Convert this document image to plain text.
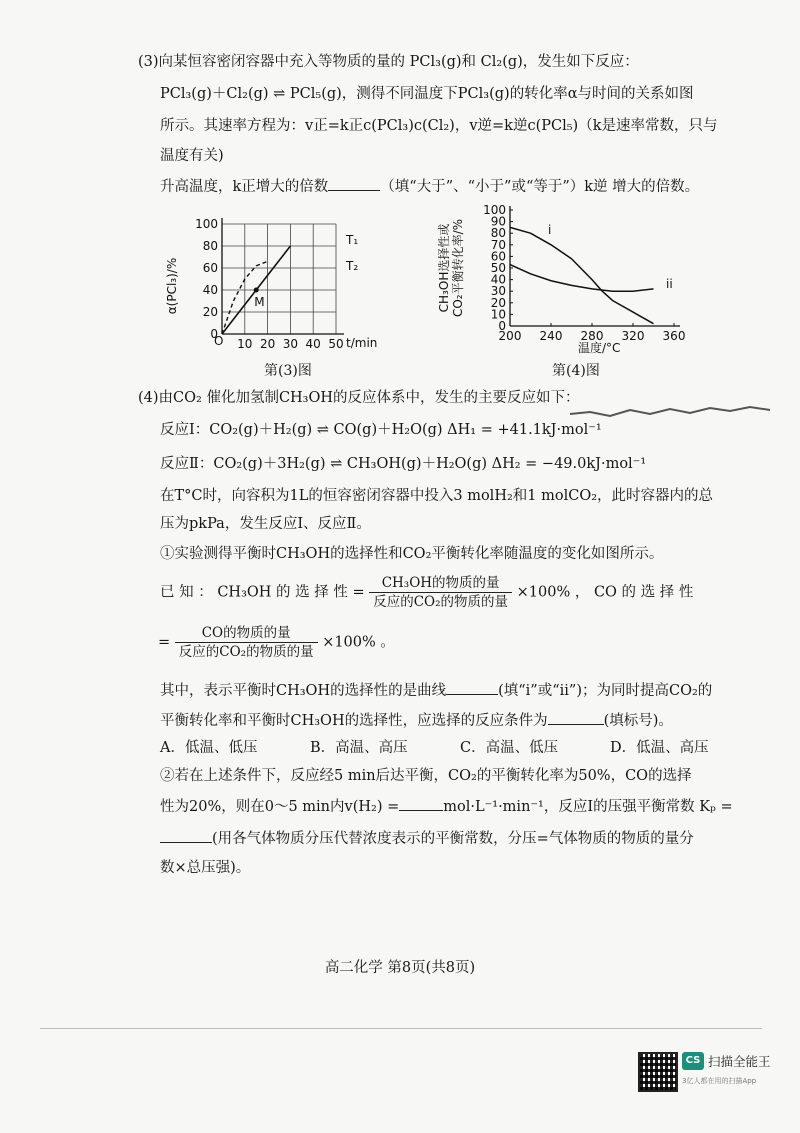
(3)向某恒容密闭容器中充入等物质的量的 PCl₃(g)和 Cl₂(g)，发生如下反应：
PCl₃(g)＋Cl₂(g) ⇌ PCl₅(g)，测得不同温度下PCl₃(g)的转化率α与时间的关系如图
所示。其速率方程为：v正=k正c(PCl₃)c(Cl₂)，v逆=k逆c(PCl₅)（k是速率常数，只与
温度有关)
升高温度，k正增大的倍数	（填“大于”、“小于”或“等于”）k逆 增大的倍数。
10 20 30 40 50
0
20
40
60
80
100
α(PCl₃)/%
t/min
O
M
T₁
T₂
第(3)图
200 240 280 320 360
0
10
20
30
40
50
60
70
80
90
100
CH₃OH选择性或 CO₂平衡转化率/%
温度/°C
i
ii
第(4)图
(4)由CO₂ 催化加氢制CH₃OH的反应体系中，发生的主要反应如下：
反应Ⅰ：CO₂(g)＋H₂(g) ⇌ CO(g)＋H₂O(g) ΔH₁ = +41.1kJ·mol⁻¹
反应Ⅱ：CO₂(g)＋3H₂(g) ⇌ CH₃OH(g)＋H₂O(g) ΔH₂ = −49.0kJ·mol⁻¹
在T°C时，向容积为1L的恒容密闭容器中投入3 molH₂和1 molCO₂，此时容器内的总
压为pkPa，发生反应Ⅰ、反应Ⅱ。
①实验测得平衡时CH₃OH的选择性和CO₂平衡转化率随温度的变化如图所示。
已 知 ： CH₃OH 的 选 择 性 = $\frac{\text{CH₃OH的物质的量}}{\text{反应的CO₂的物质的量}} \times 100\%$ ， CO 的 选 择 性
= $\frac{\text{CO的物质的量}}{\text{反应的CO₂的物质的量}} \times 100\%$ 。
其中，表示平衡时CH₃OH的选择性的是曲线	(填“i”或“ii”)；为同时提高CO₂的
平衡转化率和平衡时CH₃OH的选择性，应选择的反应条件为	(填标号)。
A．低温、低压	B．高温、高压	C．高温、低压	D．低温、高压
②若在上述条件下，反应经5 min后达平衡，CO₂的平衡转化率为50%，CO的选择
性为20%，则在0～5 min内v(H₂) =	mol·L⁻¹·min⁻¹，反应Ⅰ的压强平衡常数 Kₚ =
(用各气体物质分压代替浓度表示的平衡常数，分压=气体物质的物质的量分
数×总压强)。
高二化学 第8页(共8页)
CS 扫描全能王
3亿人都在用的扫描App
